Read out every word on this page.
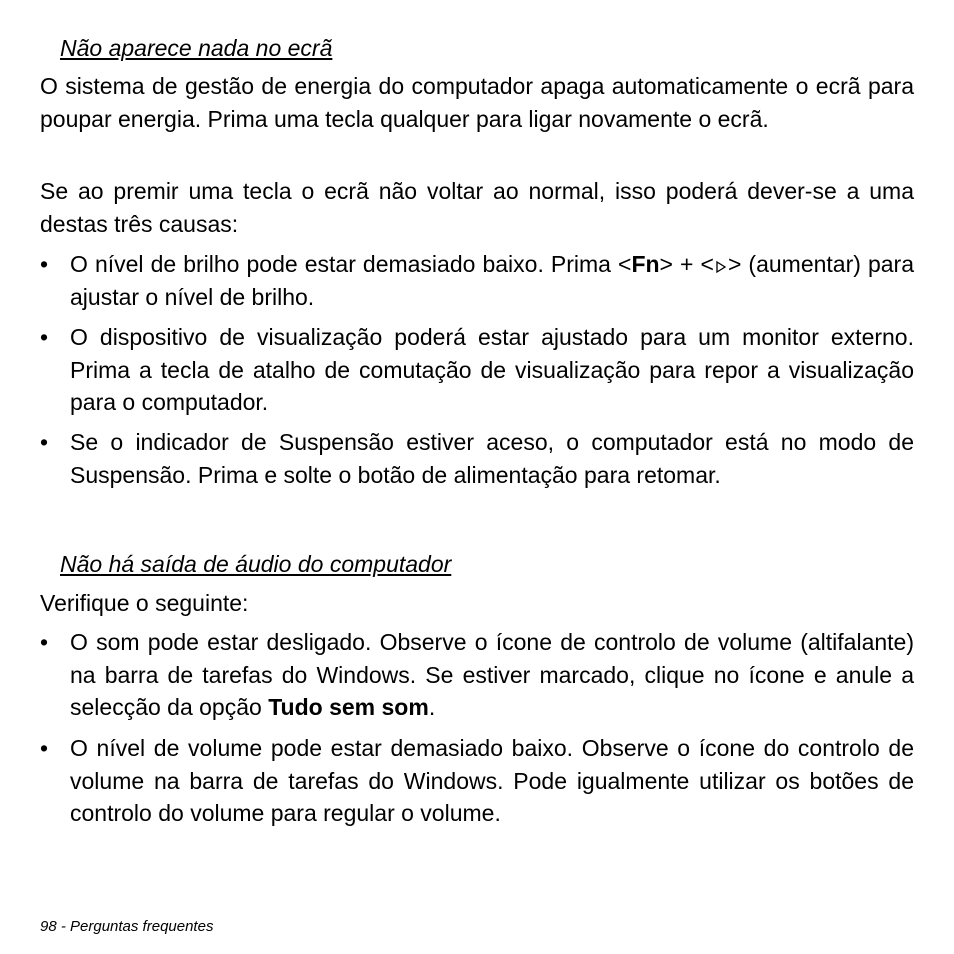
Não aparece nada no ecrã
O sistema de gestão de energia do computador apaga automaticamente o ecrã para poupar energia. Prima uma tecla qualquer para ligar novamente o ecrã.
Se ao premir uma tecla o ecrã não voltar ao normal, isso poderá dever-se a uma destas três causas:
• O nível de brilho pode estar demasiado baixo. Prima <Fn> + < > (aumentar) para ajustar o nível de brilho.
• O dispositivo de visualização poderá estar ajustado para um monitor externo. Prima a tecla de atalho de comutação de visualização para repor a visualização para o computador.
• Se o indicador de Suspensão estiver aceso, o computador está no modo de Suspensão. Prima e solte o botão de alimentação para retomar.
Não há saída de áudio do computador
Verifique o seguinte:
• O som pode estar desligado. Observe o ícone de controlo de volume (altifalante) na barra de tarefas do Windows. Se estiver marcado, clique no ícone e anule a selecção da opção Tudo sem som.
• O nível de volume pode estar demasiado baixo. Observe o ícone do controlo de volume na barra de tarefas do Windows. Pode igualmente utilizar os botões de controlo do volume para regular o volume.
98 - Perguntas frequentes
